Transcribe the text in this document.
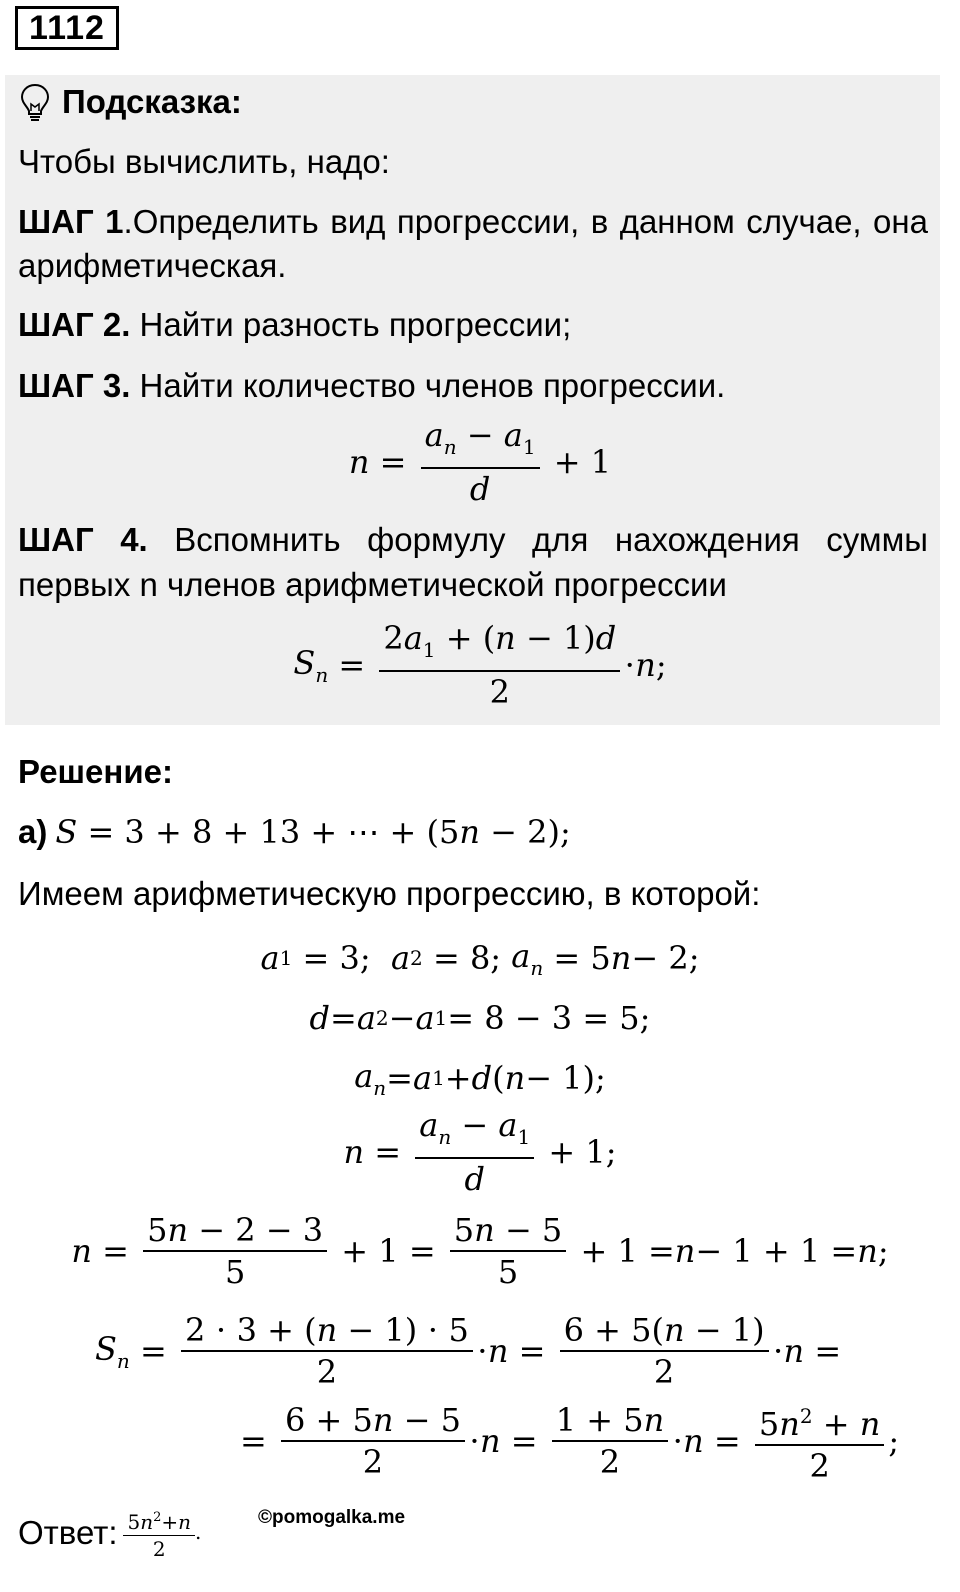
1112
Подсказка:
Чтобы вычислить, надо:
ШАГ 1.Определить вид прогрессии, в данном случае, она
арифметическая.
ШАГ 2. Найти разность прогрессии;
ШАГ 3. Найти количество членов прогрессии.
$n = \frac{a_n - a_1}{d} + 1$
ШАГ 4. Вспомнить формулу для нахождения суммы
первых n членов арифметической прогрессии
$S_n = \frac{2a_1 + (n - 1)d}{2} \cdot n$ ;
Решение:
а) S = 3 + 8 + 13 + ⋯ + (5n − 2);
Имеем арифметическую прогрессию, в которой:
a 1 = 3; a 2 = 8; $a_n = 5$ n − 2;
d = a 2 − a 1 = 8 − 3 = 5;
$a_n = a$ 1 + d ( n − 1);
$n = \frac{a_n - a_1}{d} + 1$;
$n = \frac{5n - 2 - 3}{5} + 1 = \frac{5n - 5}{5} + 1 = n - 1 + 1 = n$ ;
$S_n = \frac{2 \cdot 3 + (n - 1) \cdot 5}{2} \cdot n = \frac{6 + 5(n - 1)}{2} \cdot n$ =
= $\frac{6 + 5n - 5}{2} \cdot n = \frac{1 + 5n}{2} \cdot n = \frac{5n^2 + n}{2}$ ;
Ответ: $\frac{5n^2+n}{2}$ .
©pomogalka.me
